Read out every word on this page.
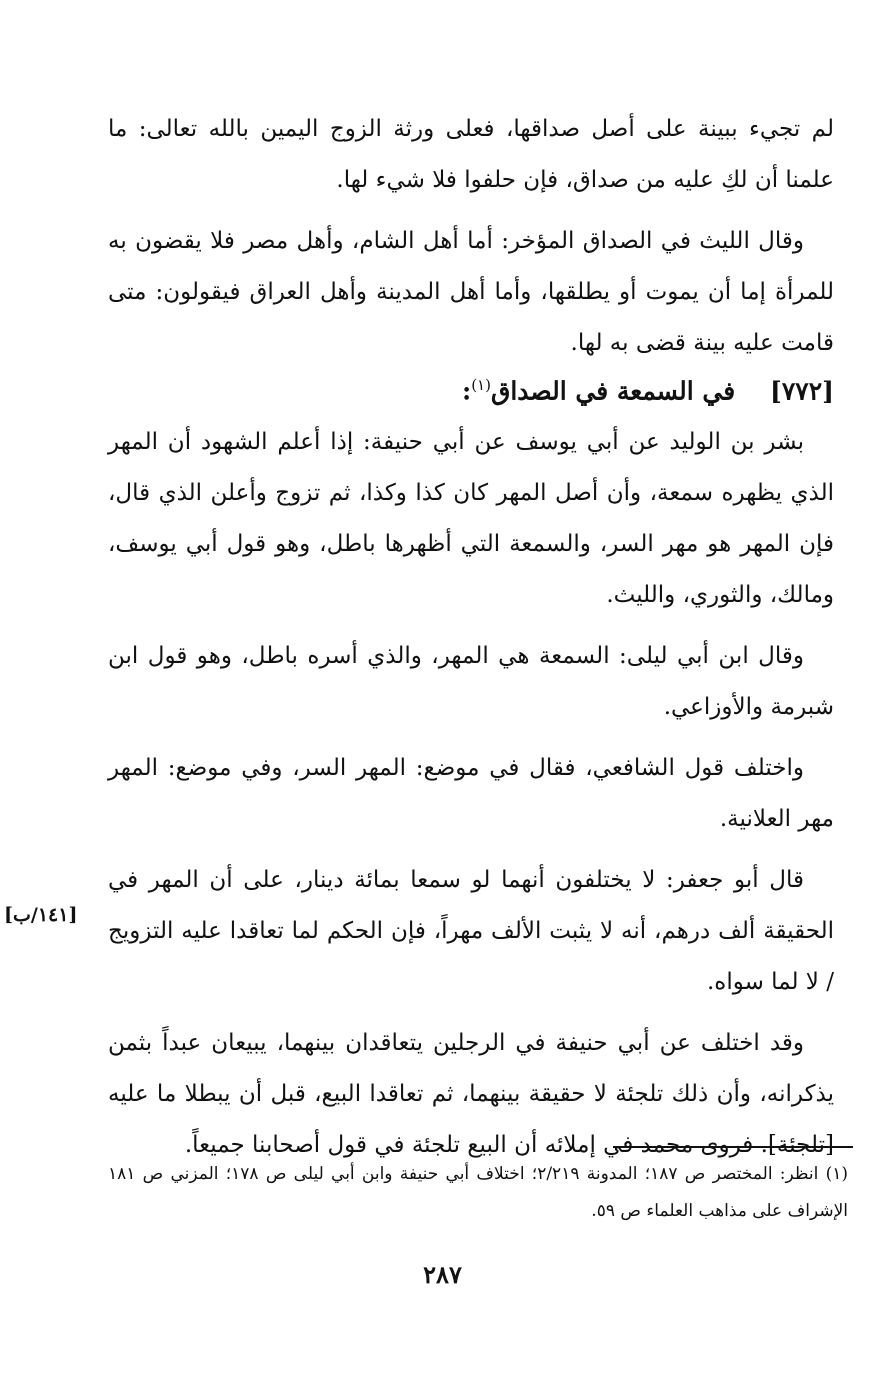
لم تجيء ببينة على أصل صداقها، فعلى ورثة الزوج اليمين بالله تعالى: ما علمنا أن لكِ عليه من صداق، فإن حلفوا فلا شيء لها.

وقال الليث في الصداق المؤخر: أما أهل الشام، وأهل مصر فلا يقضون به للمرأة إما أن يموت أو يطلقها، وأما أهل المدينة وأهل العراق فيقولون: متى قامت عليه بينة قضى به لها.

[٧٧٢]    في السمعة في الصداق$^{(١)}$:

بشر بن الوليد عن أبي يوسف عن أبي حنيفة: إذا أعلم الشهود أن المهر الذي يظهره سمعة، وأن أصل المهر كان كذا وكذا، ثم تزوج وأعلن الذي قال، فإن المهر هو مهر السر، والسمعة التي أظهرها باطل، وهو قول أبي يوسف، ومالك، والثوري، والليث.

وقال ابن أبي ليلى: السمعة هي المهر، والذي أسره باطل، وهو قول ابن شبرمة والأوزاعي.

واختلف قول الشافعي، فقال في موضع: المهر السر، وفي موضع: المهر مهر العلانية.

قال أبو جعفر: لا يختلفون أنهما لو سمعا بمائة دينار، على أن المهر في الحقيقة ألف درهم، أنه لا يثبت الألف مهراً، فإن الحكم لما تعاقدا عليه التزويج / لا لما سواه.

وقد اختلف عن أبي حنيفة في الرجلين يتعاقدان بينهما، يبيعان عبداً بثمن يذكرانه، وأن ذلك تلجئة لا حقيقة بينهما، ثم تعاقدا البيع، قبل أن يبطلا ما عليه [تلجئة]. فروى محمد في إملائه أن البيع تلجئة في قول أصحابنا جميعاً.

[١٤١/ب]
(١) انظر: المختصر ص ١٨٧؛ المدونة ٢/٢١٩؛ اختلاف أبي حنيفة وابن أبي ليلى ص ١٧٨؛ المزني ص ١٨١ الإشراف على مذاهب العلماء ص ٥٩.
٢٨٧
